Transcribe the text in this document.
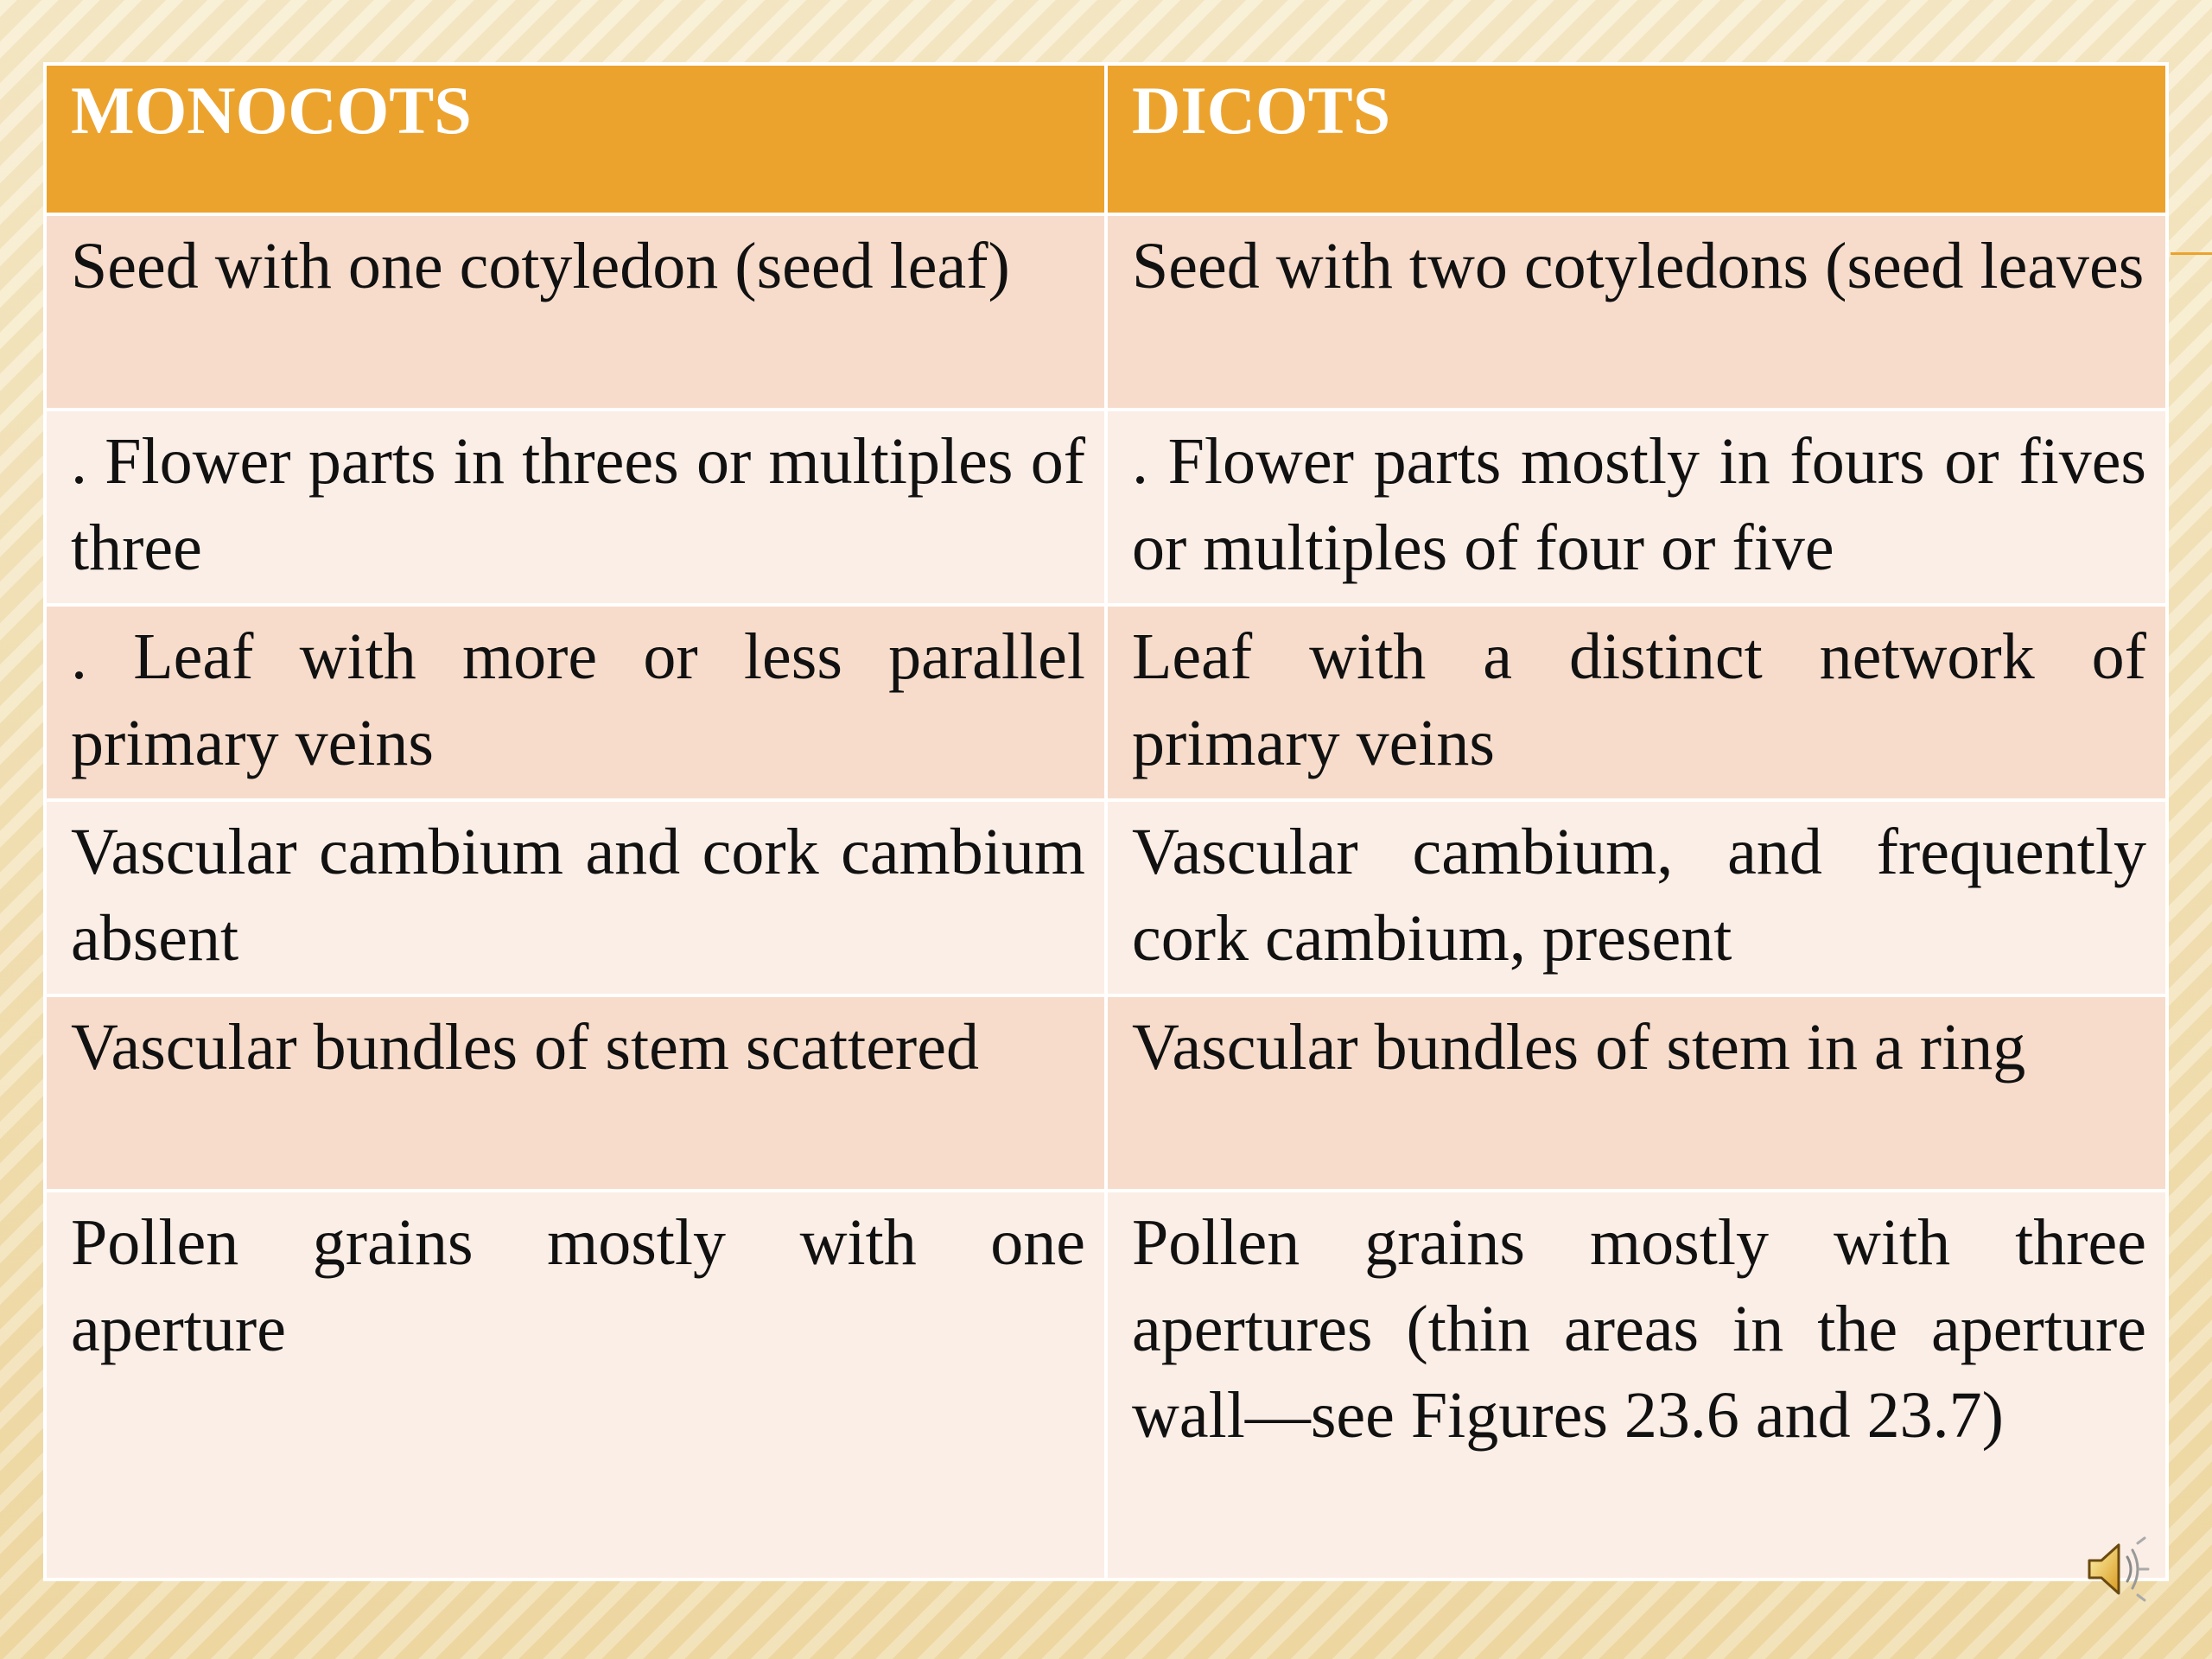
MONOCOTS	DICOTS
Seed with one cotyledon (seed leaf)	Seed with two cotyledons (seed leaves
. Flower parts in threes or multiples of three	. Flower parts mostly in fours or fives or multiples of four or five
. Leaf with more or less parallel primary veins	Leaf with a distinct network of primary veins
Vascular cambium and cork cambium absent	Vascular cambium, and frequently cork cambium, present
Vascular bundles of stem scattered	Vascular bundles of stem in a ring
Pollen grains mostly with one aperture	Pollen grains mostly with three apertures (thin areas in the aperture wall—see Figures 23.6 and 23.7)
